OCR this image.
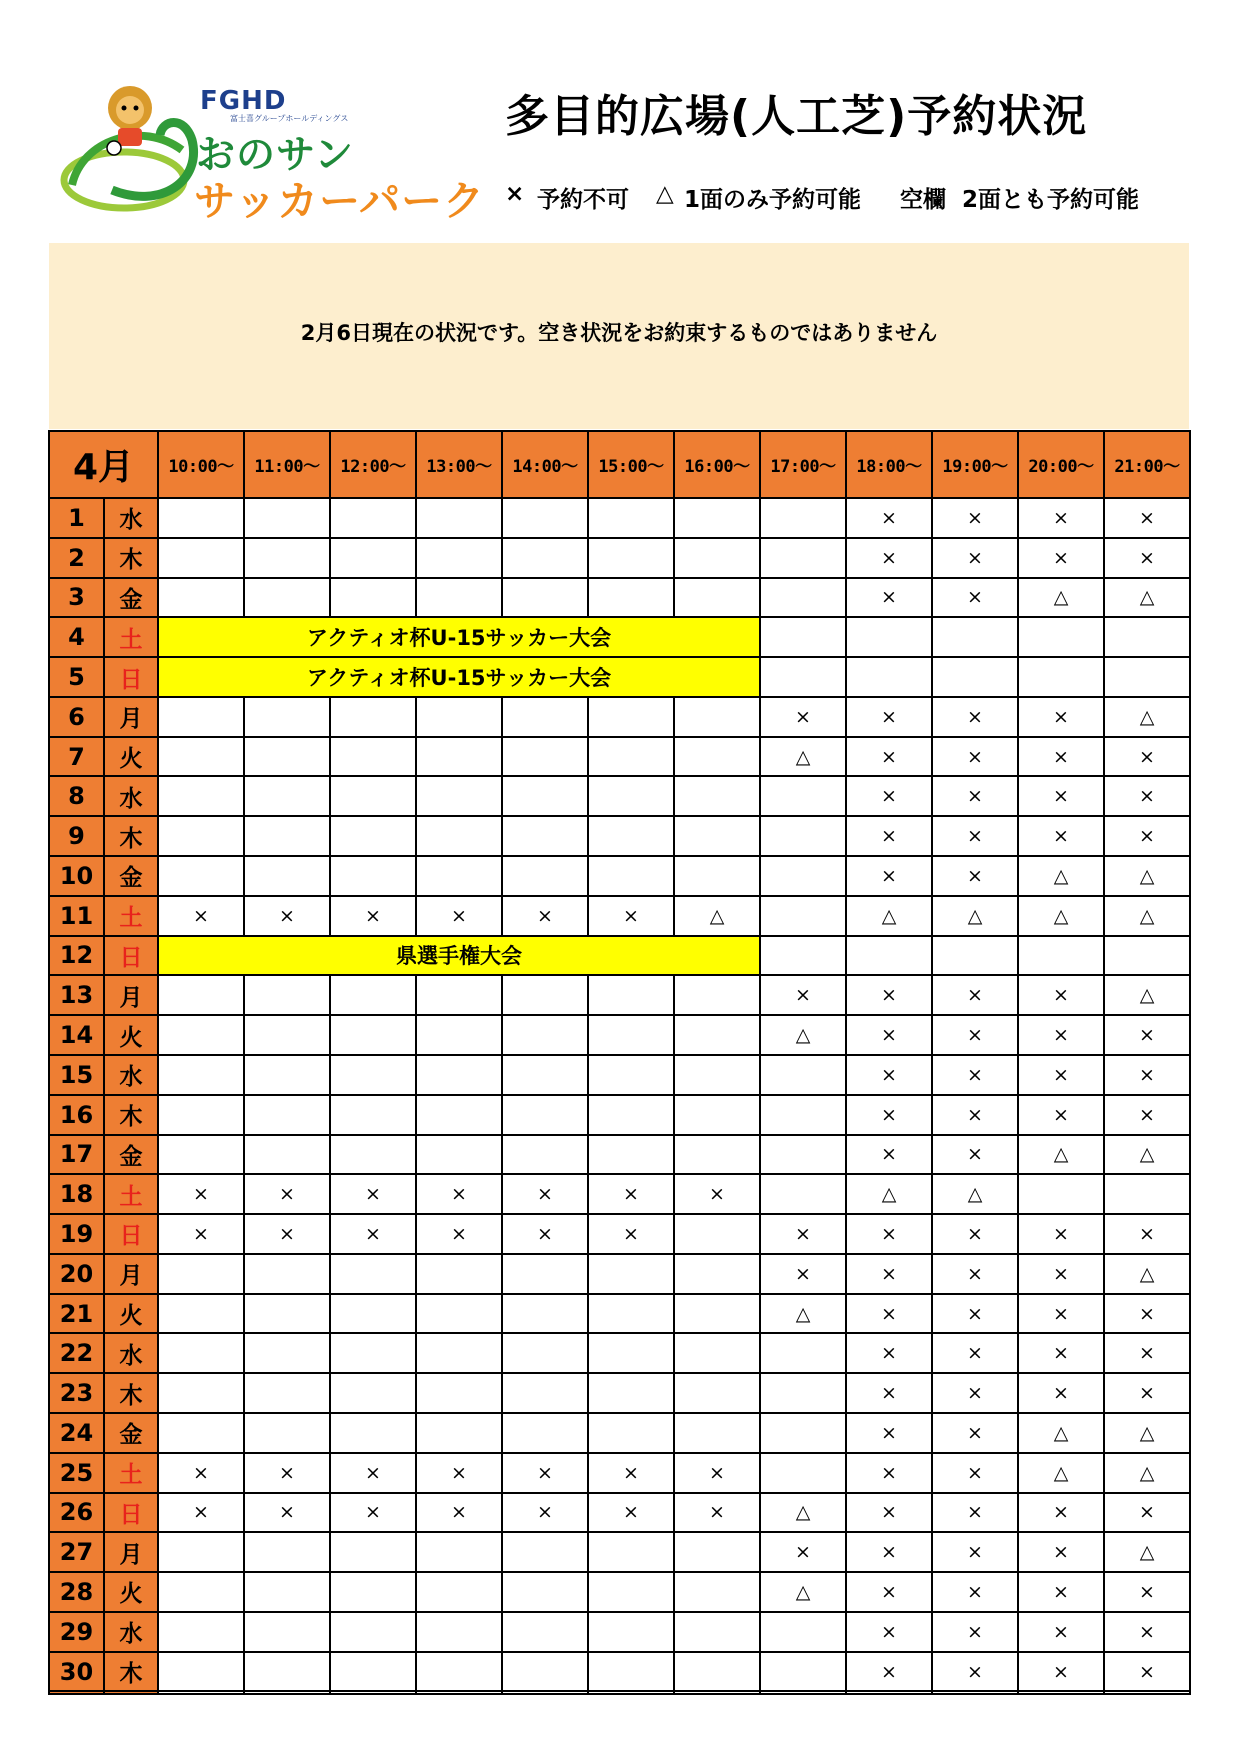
FGHD
富士喜グループホールディングス
おのサン
サッカーパーク
多目的広場(人工芝)予約状況
× 予約不可 △ 1面のみ予約可能 空欄 2面とも予約可能
2月6日現在の状況です。空き状況をお約束するものではありません
4月		10:00～	11:00～	12:00～	13:00～	14:00～	15:00～	16:00～	17:00～	18:00～	19:00～	20:00～	21:00～
1	水									×	×	×	×
2	木									×	×	×	×
3	金									×	×	△	△
4	土	アクティオ杯U-15サッカー大会											
5	日	アクティオ杯U-15サッカー大会											
6	月								×	×	×	×	△
7	火								△	×	×	×	×
8	水									×	×	×	×
9	木									×	×	×	×
10	金									×	×	△	△
11	土	×	×	×	×	×	×	△		△	△	△	△
12	日	県選手権大会											
13	月								×	×	×	×	△
14	火								△	×	×	×	×
15	水									×	×	×	×
16	木									×	×	×	×
17	金									×	×	△	△
18	土	×	×	×	×	×	×	×		△	△		
19	日	×	×	×	×	×	×		×	×	×	×	×
20	月								×	×	×	×	△
21	火								△	×	×	×	×
22	水									×	×	×	×
23	木									×	×	×	×
24	金									×	×	△	△
25	土	×	×	×	×	×	×	×		×	×	△	△
26	日	×	×	×	×	×	×	×	△	×	×	×	×
27	月								×	×	×	×	△
28	火								△	×	×	×	×
29	水									×	×	×	×
30	木									×	×	×	×
